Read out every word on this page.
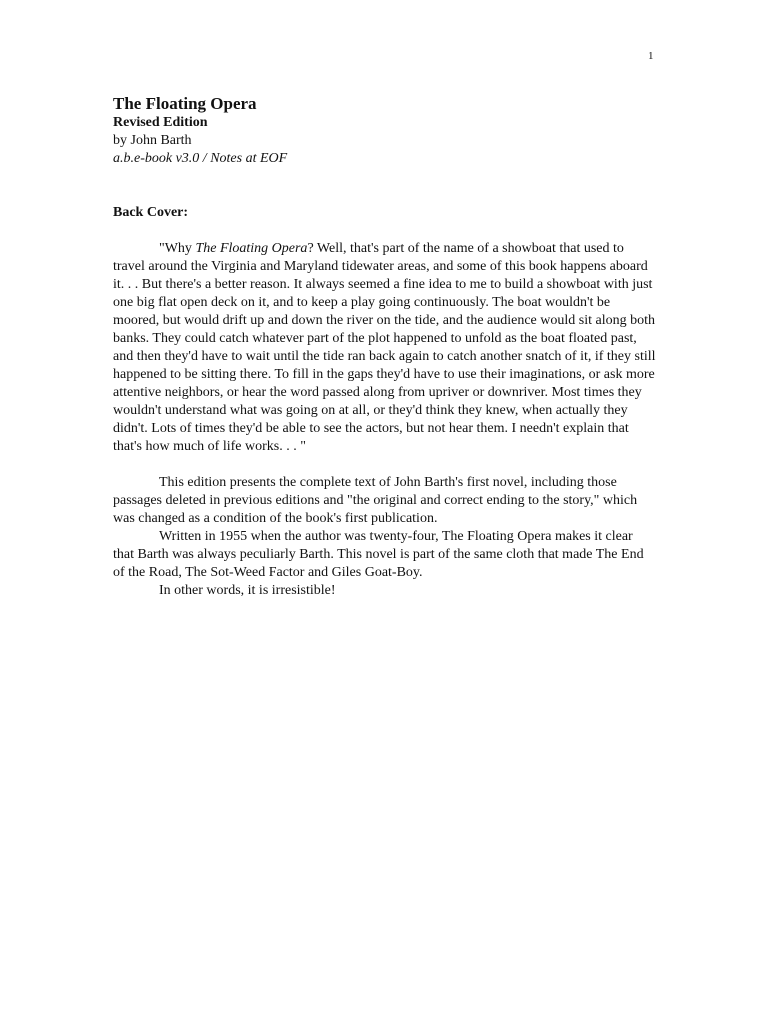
1

The Floating Opera

Revised Edition

by John Barth

a.b.e-book v3.0 / Notes at EOF

Back Cover:

"Why The Floating Opera? Well, that's part of the name of a showboat that used to travel around the Virginia and Maryland tidewater areas, and some of this book happens aboard it. . . But there's a better reason. It always seemed a fine idea to me to build a showboat with just one big flat open deck on it, and to keep a play going continuously. The boat wouldn't be moored, but would drift up and down the river on the tide, and the audience would sit along both banks. They could catch whatever part of the plot happened to unfold as the boat floated past, and then they'd have to wait until the tide ran back again to catch another snatch of it, if they still happened to be sitting there. To fill in the gaps they'd have to use their imaginations, or ask more attentive neighbors, or hear the word passed along from upriver or downriver. Most times they wouldn't understand what was going on at all, or they'd think they knew, when actually they didn't. Lots of times they'd be able to see the actors, but not hear them. I needn't explain that that's how much of life works. . . "

This edition presents the complete text of John Barth's first novel, including those passages deleted in previous editions and "the original and correct ending to the story," which was changed as a condition of the book's first publication.

Written in 1955 when the author was twenty-four, The Floating Opera makes it clear that Barth was always peculiarly Barth. This novel is part of the same cloth that made The End of the Road, The Sot-Weed Factor and Giles Goat-Boy.

In other words, it is irresistible!
